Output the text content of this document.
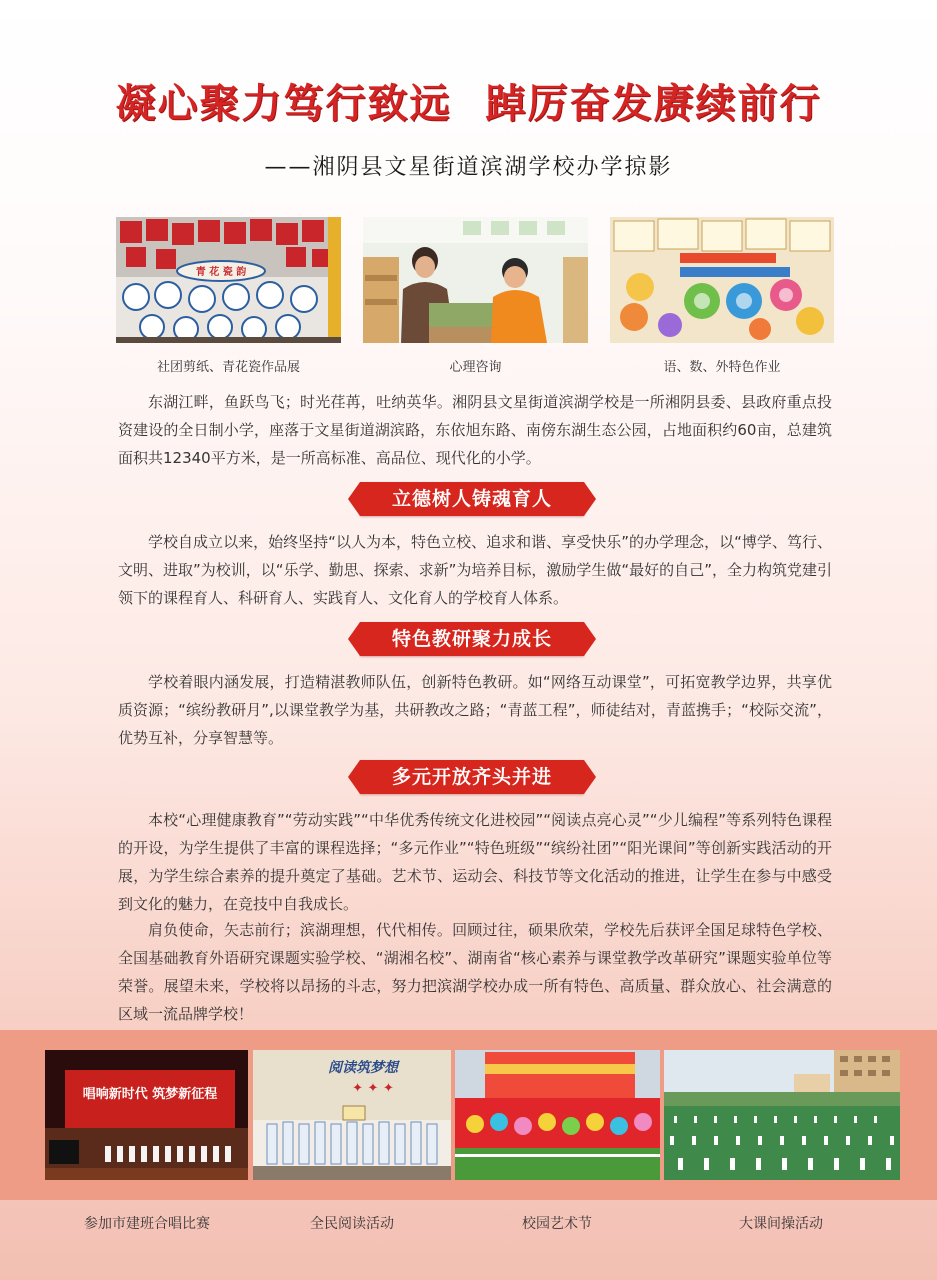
凝心聚力笃行致远 踔厉奋发赓续前行
——湘阴县文星街道滨湖学校办学掠影
青 花 瓷 韵
社团剪纸、青花瓷作品展	心理咨询	语、数、外特色作业

东湖江畔，鱼跃鸟飞；时光荏苒，吐纳英华。湘阴县文星街道滨湖学校是一所湘阴县委、县政府重点投资建设的全日制小学，座落于文星街道湖滨路，东依旭东路、南傍东湖生态公园，占地面积约60亩，总建筑面积共12340平方米，是一所高标准、高品位、现代化的小学。

立德树人铸魂育人

学校自成立以来，始终坚持“以人为本，特色立校、追求和谐、享受快乐”的办学理念，以“博学、笃行、文明、进取”为校训，以“乐学、勤思、探索、求新”为培养目标，激励学生做“最好的自己”，全力构筑党建引领下的课程育人、科研育人、实践育人、文化育人的学校育人体系。

特色教研聚力成长

学校着眼内涵发展，打造精湛教师队伍，创新特色教研。如“网络互动课堂”，可拓宽教学边界，共享优质资源；“缤纷教研月”,以课堂教学为基，共研教改之路；“青蓝工程”，师徒结对，青蓝携手；“校际交流”，优势互补，分享智慧等。

多元开放齐头并进

本校“心理健康教育”“劳动实践”“中华优秀传统文化进校园”“阅读点亮心灵”“少儿编程”等系列特色课程的开设，为学生提供了丰富的课程选择；“多元作业”“特色班级”“缤纷社团”“阳光课间”等创新实践活动的开展，为学生综合素养的提升奠定了基础。艺术节、运动会、科技节等文化活动的推进，让学生在参与中感受到文化的魅力，在竞技中自我成长。

肩负使命，矢志前行；滨湖理想，代代相传。回顾过往，硕果欣荣，学校先后获评全国足球特色学校、全国基础教育外语研究课题实验学校、“湖湘名校”、湖南省“核心素养与课堂教学改革研究”课题实验单位等荣誉。展望未来，学校将以昂扬的斗志，努力把滨湖学校办成一所有特色、高质量、群众放心、社会满意的区域一流品牌学校！

唱响新时代 筑梦新征程
阅读筑梦想
✦ ✦ ✦
参加市建班合唱比赛	全民阅读活动	校园艺术节	大课间操活动
